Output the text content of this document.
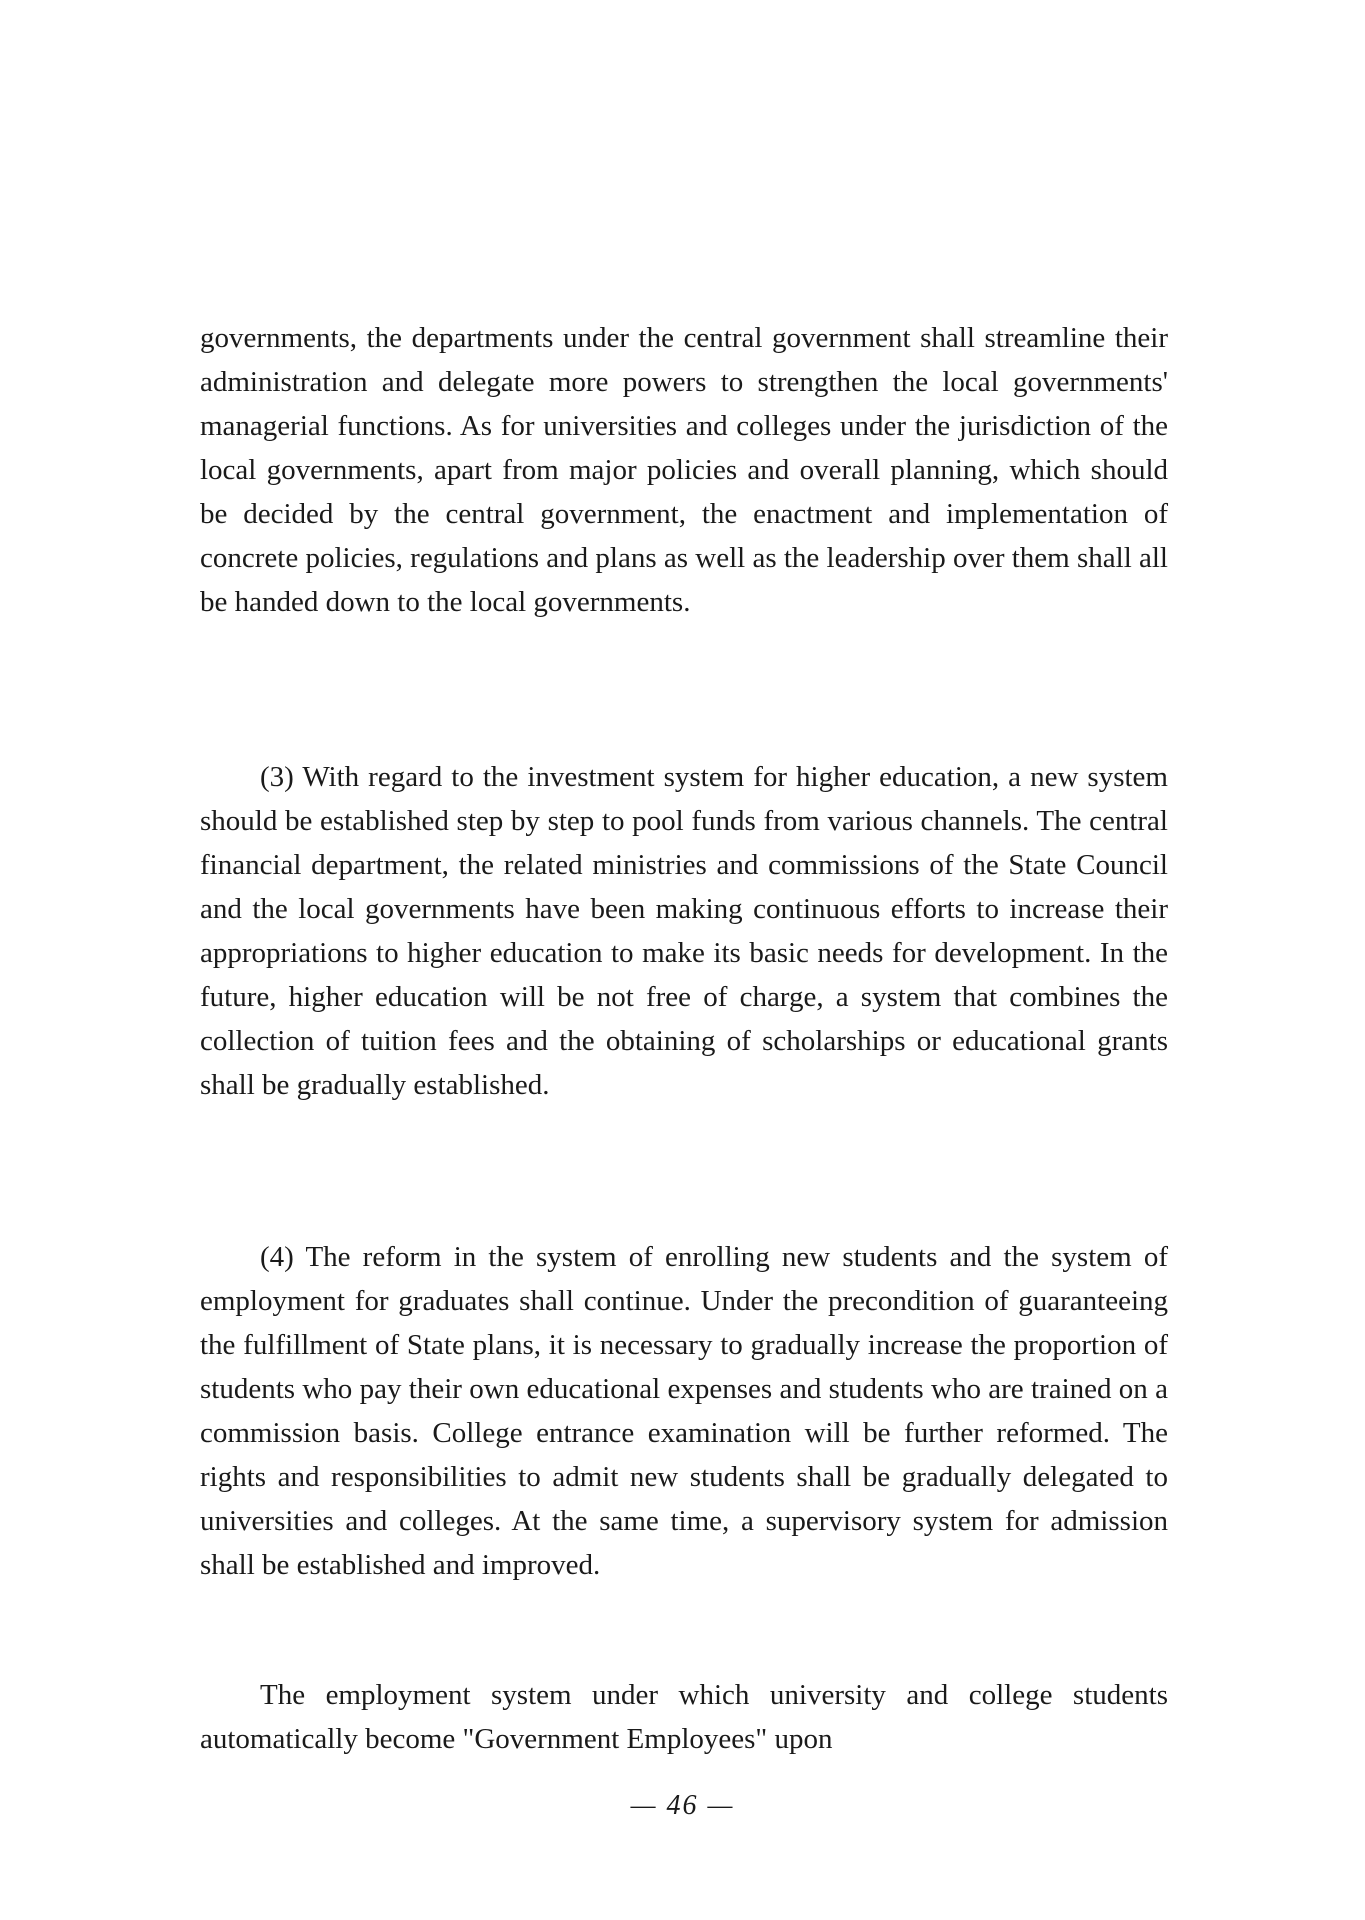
governments, the departments under the central government shall streamline their administration and delegate more powers to strengthen the local governments' managerial functions. As for universities and colleges under the jurisdiction of the local governments, apart from major policies and overall planning, which should be decided by the central government, the enactment and implementation of concrete policies, regulations and plans as well as the leadership over them shall all be handed down to the local governments.

(3) With regard to the investment system for higher education, a new system should be established step by step to pool funds from various channels. The central financial department, the related ministries and commissions of the State Council and the local governments have been making continuous efforts to increase their appropriations to higher education to make its basic needs for development. In the future, higher education will be not free of charge, a system that combines the collection of tuition fees and the obtaining of scholarships or educational grants shall be gradually established.

(4) The reform in the system of enrolling new students and the system of employment for graduates shall continue. Under the precondition of guaranteeing the fulfillment of State plans, it is necessary to gradually increase the proportion of students who pay their own educational expenses and students who are trained on a commission basis. College entrance examination will be further reformed. The rights and responsibilities to admit new students shall be gradually delegated to universities and colleges. At the same time, a supervisory system for admission shall be established and improved.

The employment system under which university and college students automatically become "Government Employees" upon

— 46 —
